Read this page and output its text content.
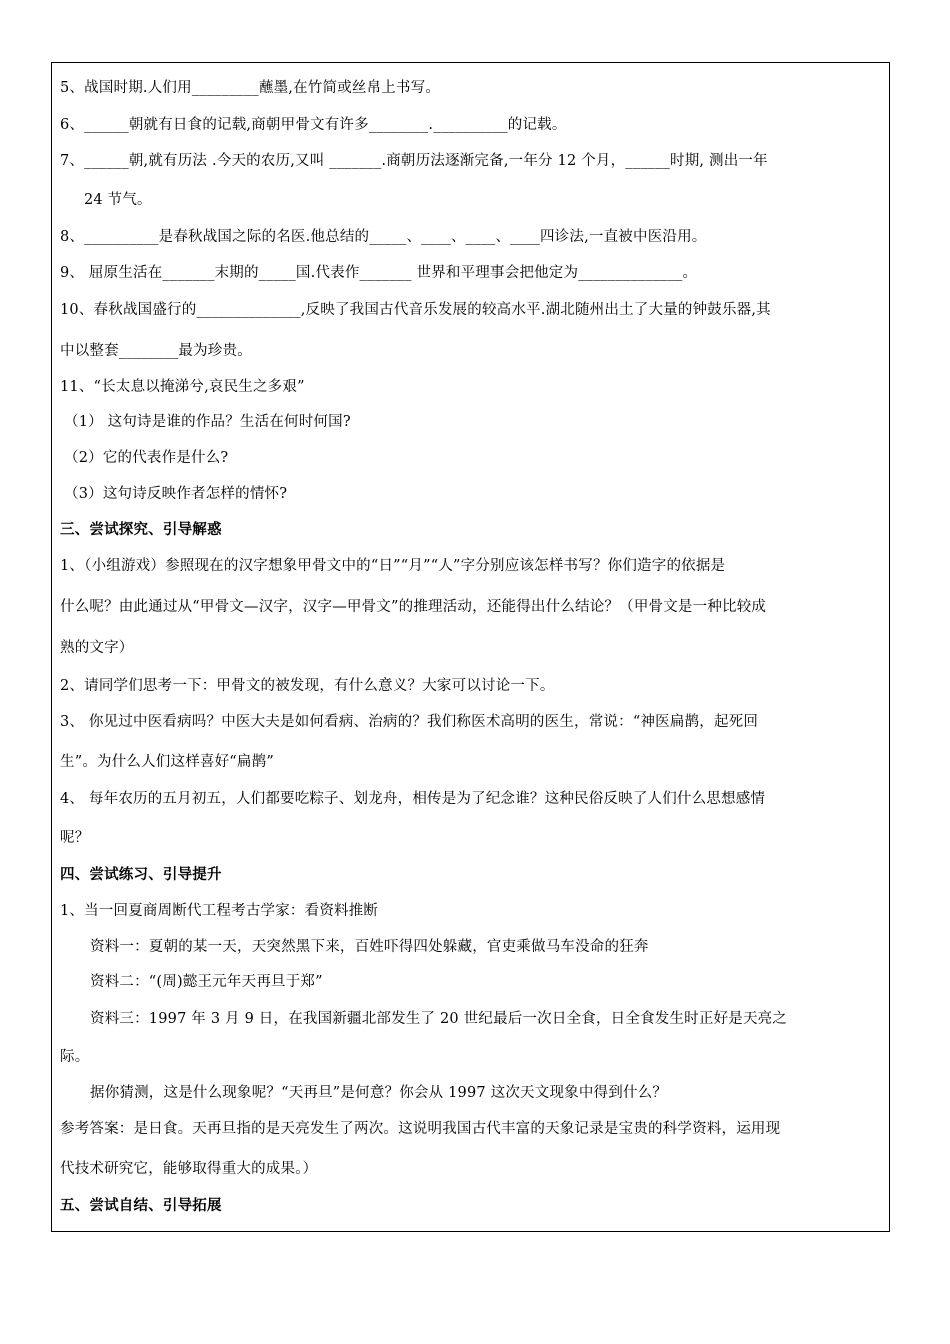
5、战国时期.人们用_________蘸墨,在竹简或丝帛上书写。
6、______朝就有日食的记载,商朝甲骨文有许多________.__________的记载。
7、______朝,就有历法 .今天的农历,又叫 _______.商朝历法逐渐完备,一年分 12 个月，______时期, 测出一年
24 节气。
8、__________是春秋战国之际的名医.他总结的_____、____、____、____四诊法,一直被中医沿用。
9、 屈原生活在_______末期的_____国.代表作_______ 世界和平理事会把他定为______________。
10、春秋战国盛行的______________,反映了我国古代音乐发展的较高水平.湖北随州出土了大量的钟鼓乐器,其
中以整套________最为珍贵。
11、“长太息以掩涕兮,哀民生之多艰”
（1） 这句诗是谁的作品？生活在何时何国?
（2）它的代表作是什么?
（3）这句诗反映作者怎样的情怀?
三、尝试探究、引导解惑
1、（小组游戏）参照现在的汉字想象甲骨文中的“日”“月”“人”字分别应该怎样书写？你们造字的依据是
什么呢？由此通过从“甲骨文—汉字，汉字—甲骨文”的推理活动，还能得出什么结论？（甲骨文是一种比较成
熟的文字）
2、请同学们思考一下：甲骨文的被发现，有什么意义？大家可以讨论一下。
3、 你见过中医看病吗？中医大夫是如何看病、治病的？我们称医术高明的医生，常说：“神医扁鹊，起死回
生”。为什么人们这样喜好“扁鹊”
4、 每年农历的五月初五，人们都要吃粽子、划龙舟，相传是为了纪念谁？这种民俗反映了人们什么思想感情
呢？
四、尝试练习、引导提升
1、当一回夏商周断代工程考古学家：看资料推断
资料一：夏朝的某一天，天突然黑下来，百姓吓得四处躲藏，官吏乘做马车没命的狂奔
资料二：“(周)懿王元年天再旦于郑”
资料三：1997 年 3 月 9 日，在我国新疆北部发生了 20 世纪最后一次日全食，日全食发生时正好是天亮之
际。
据你猜测，这是什么现象呢？“天再旦”是何意？你会从 1997 这次天文现象中得到什么？
参考答案：是日食。天再旦指的是天亮发生了两次。这说明我国古代丰富的天象记录是宝贵的科学资料，运用现
代技术研究它，能够取得重大的成果。）
五、尝试自结、引导拓展
